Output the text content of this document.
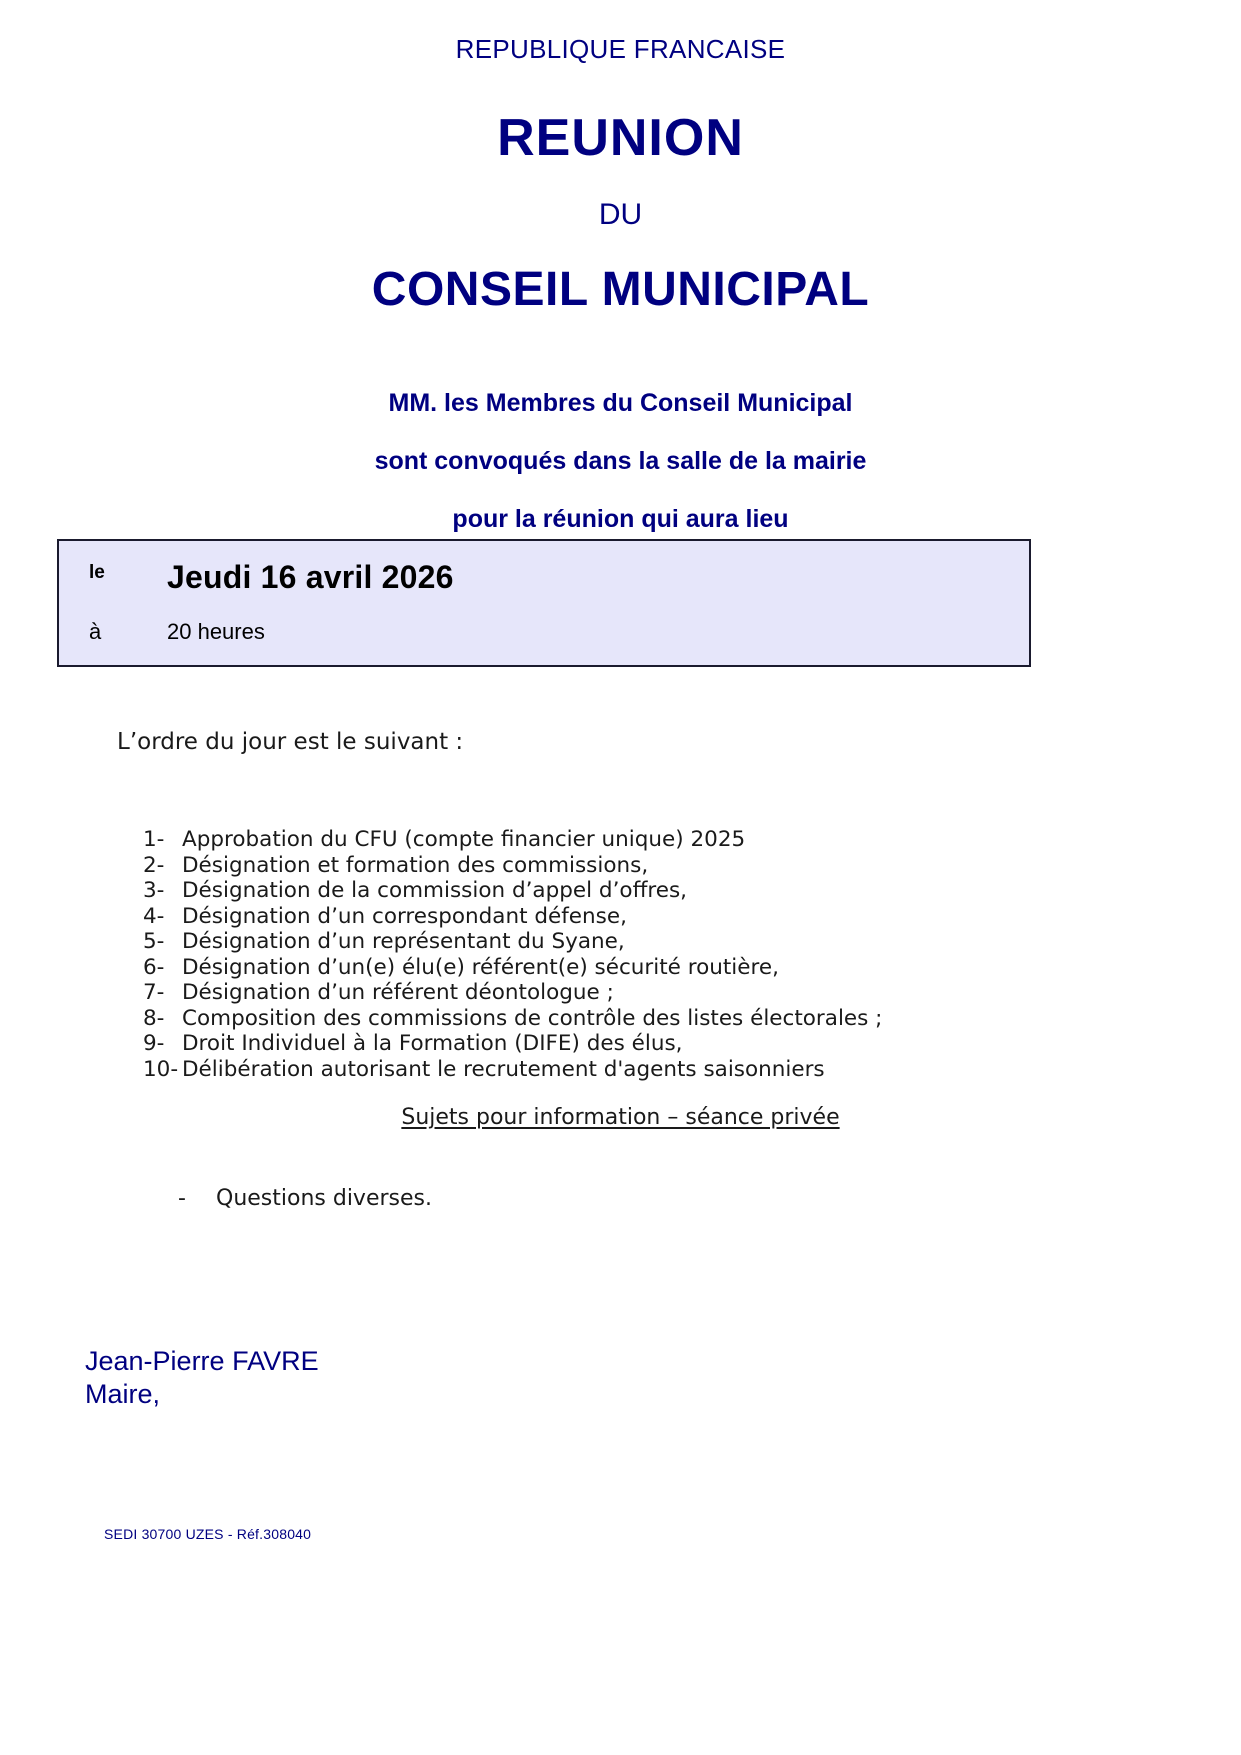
REPUBLIQUE FRANCAISE
REUNION
DU
CONSEIL MUNICIPAL
MM. les Membres du Conseil Municipal
sont convoqués dans la salle de la mairie
pour la réunion qui aura lieu
le	Jeudi 16 avril 2026
à	20 heures
L’ordre du jour est le suivant :
1- Approbation du CFU (compte financier unique) 2025
2- Désignation et formation des commissions,
3- Désignation de la commission d’appel d’offres,
4- Désignation d’un correspondant défense,
5- Désignation d’un représentant du Syane,
6- Désignation d’un(e) élu(e) référent(e) sécurité routière,
7- Désignation d’un référent déontologue ;
8- Composition des commissions de contrôle des listes électorales ;
9- Droit Individuel à la Formation (DIFE) des élus,
10- Délibération autorisant le recrutement d'agents saisonniers
Sujets pour information – séance privée
-	Questions diverses.
Jean-Pierre FAVRE
Maire,
SEDI 30700 UZES - Réf.308040
